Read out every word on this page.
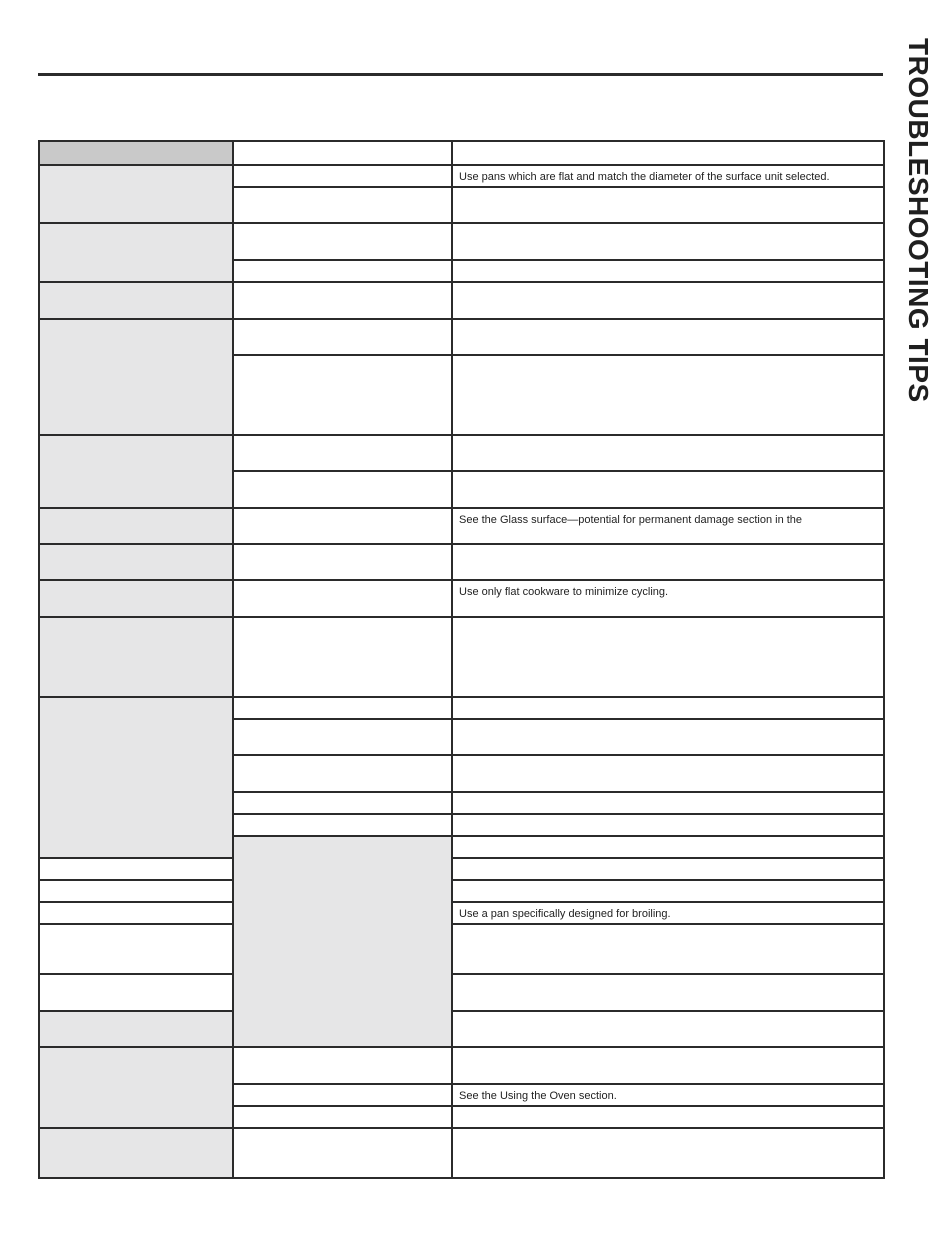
TROUBLESHOOTING TIPS

		Use pans which are flat and match the diameter of the surface unit selected.	

		See the Glass surface—potential for permanent damage section in the	

		Use only flat cookware to minimize cycling.	

		Use a pan specifically designed for broiling.	

		See the Using the Oven section.	
